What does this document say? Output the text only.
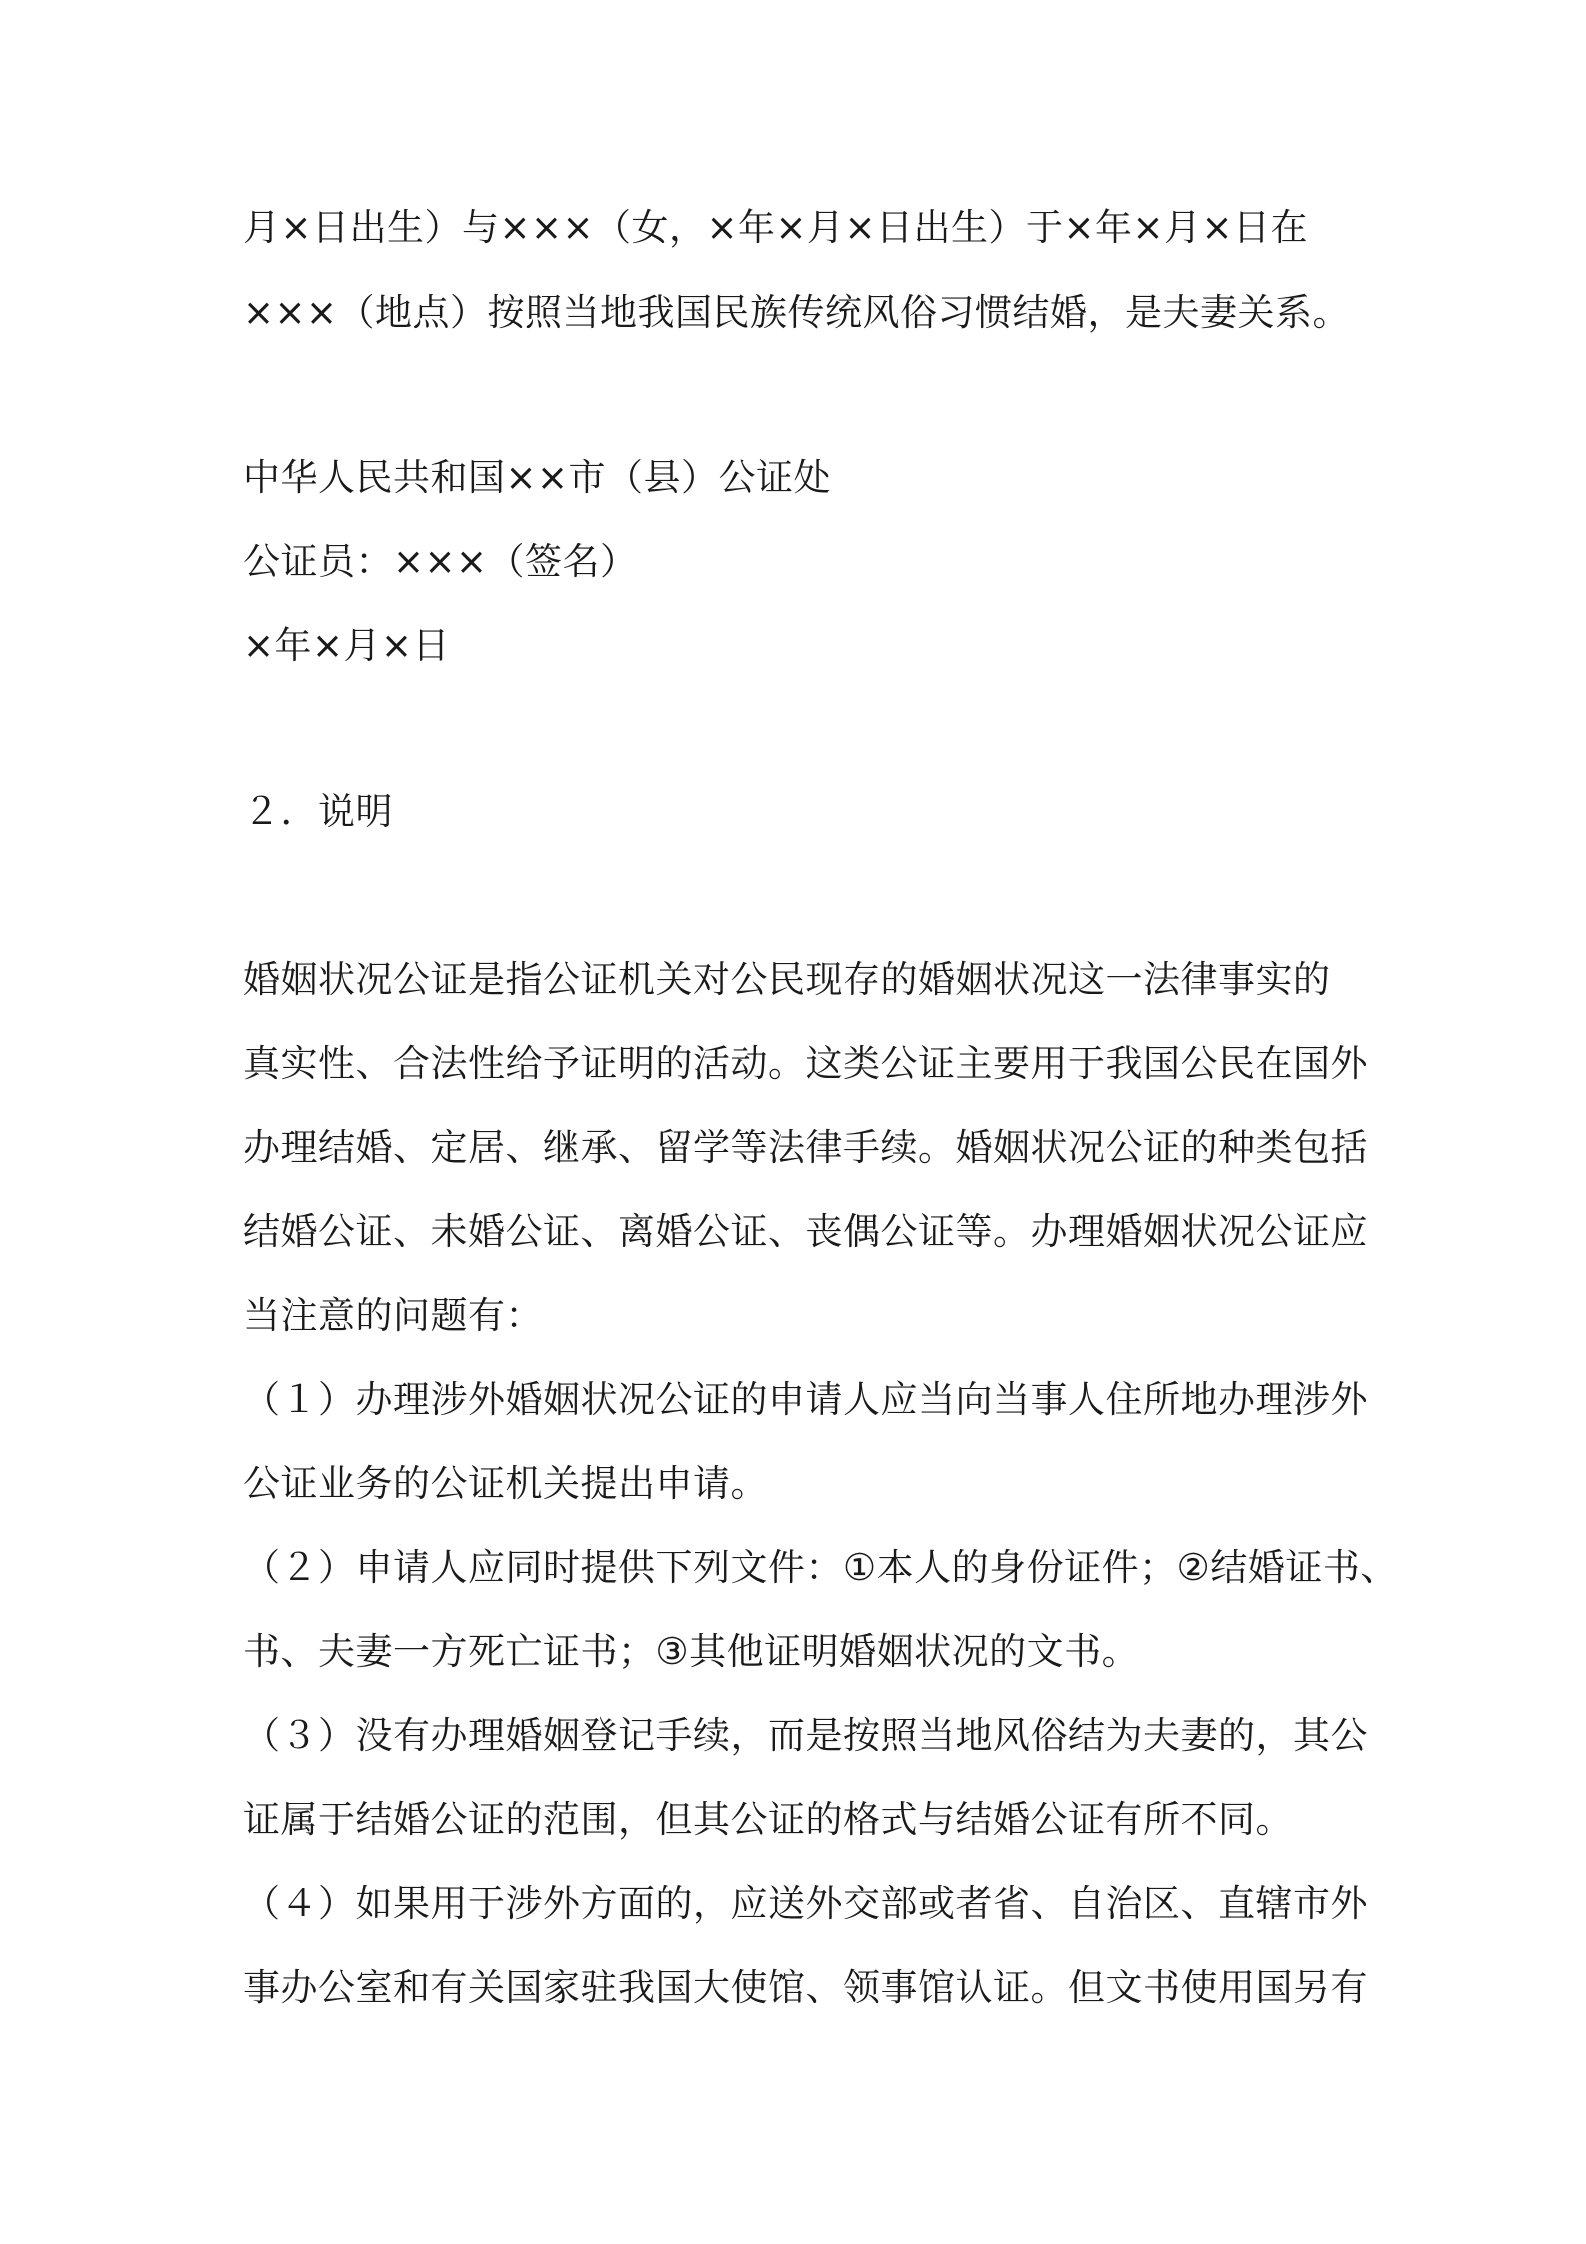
月×日出生）与×××（女，×年×月×日出生）于×年×月×日在
×××（地点）按照当地我国民族传统风俗习惯结婚，是夫妻关系。
中华人民共和国××市（县）公证处
公证员：×××（签名）
×年×月×日
２．说明
婚姻状况公证是指公证机关对公民现存的婚姻状况这一法律事实的
真实性、合法性给予证明的活动。这类公证主要用于我国公民在国外
办理结婚、定居、继承、留学等法律手续。婚姻状况公证的种类包括
结婚公证、未婚公证、离婚公证、丧偶公证等。办理婚姻状况公证应
当注意的问题有：
（１）办理涉外婚姻状况公证的申请人应当向当事人住所地办理涉外
公证业务的公证机关提出申请。
（２）申请人应同时提供下列文件：①本人的身份证件；②结婚证书、
书、夫妻一方死亡证书；③其他证明婚姻状况的文书。
（３）没有办理婚姻登记手续，而是按照当地风俗结为夫妻的，其公
证属于结婚公证的范围，但其公证的格式与结婚公证有所不同。
（４）如果用于涉外方面的，应送外交部或者省、自治区、直辖市外
事办公室和有关国家驻我国大使馆、领事馆认证。但文书使用国另有
